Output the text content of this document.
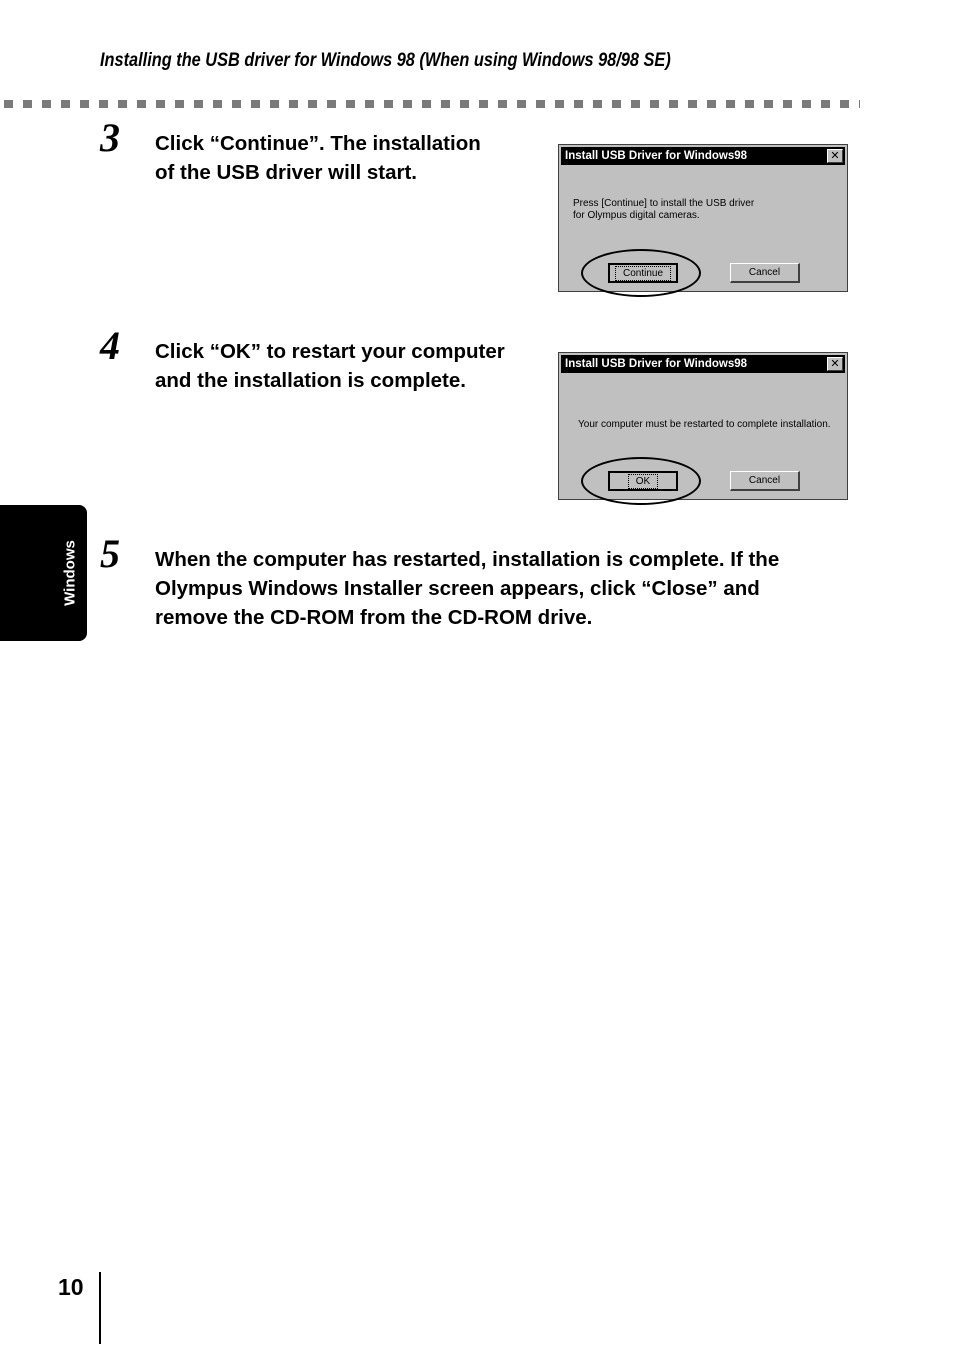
Installing the USB driver for Windows 98 (When using Windows 98/98 SE)
3 Click “Continue”. The installation
of the USB driver will start.
Install USB Driver for Windows98	✕
Press [Continue] to install the USB driver
for Olympus digital cameras.
Continue	Cancel
4 Click “OK” to restart your computer
and the installation is complete.
Install USB Driver for Windows98	✕
Your computer must be restarted to complete installation.
OK	Cancel
5 When the computer has restarted, installation is complete. If the
Olympus Windows Installer screen appears, click “Close” and
remove the CD-ROM from the CD-ROM drive.
Windows
10
